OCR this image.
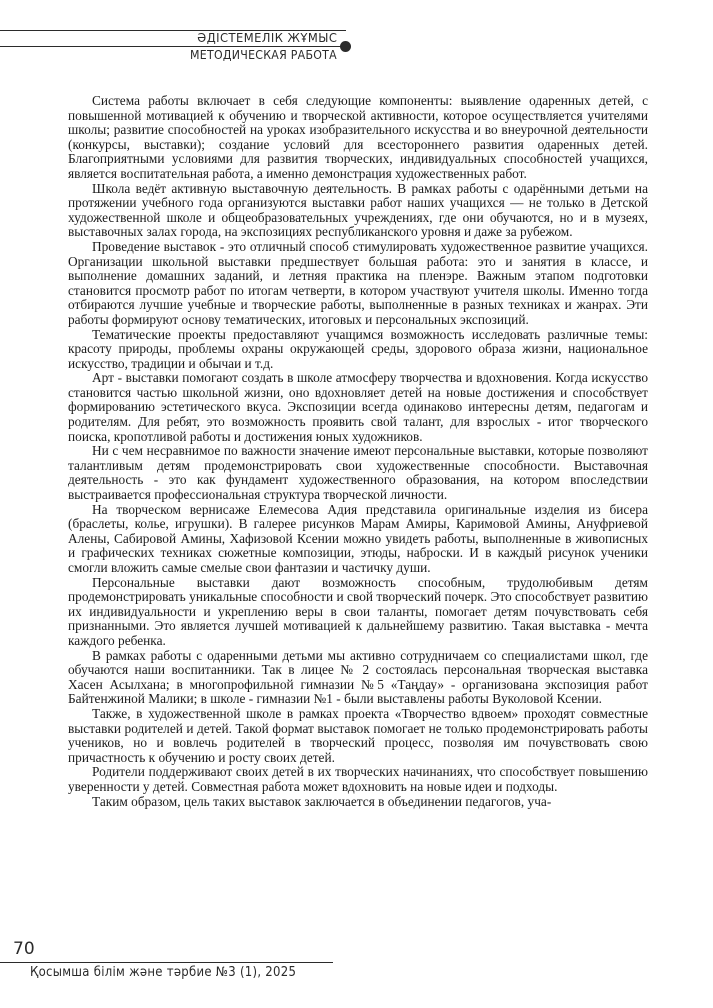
ӘДІСТЕМЕЛІК ЖҰМЫС
МЕТОДИЧЕСКАЯ РАБОТА

Система работы включает в себя следующие компоненты: выявление одаренных детей, с повышенной мотивацией к обучению и творческой активности, которое осуществляется учителями школы; развитие способностей на уроках изобразительного искусства и во внеурочной деятельности (конкурсы, выставки); создание условий для всестороннего развития одаренных детей. Благоприятными условиями для развития творческих, индивидуальных способностей учащихся, является воспитательная работа, а именно демонстрация художественных работ.

Школа ведёт активную выставочную деятельность. В рамках работы с одарёнными детьми на протяжении учебного года организуются выставки работ наших учащихся — не только в Детской художественной школе и общеобразовательных учреждениях, где они обучаются, но и в музеях, выставочных залах города, на экспозициях республиканского уровня и даже за рубежом.

Проведение выставок - это отличный способ стимулировать художественное развитие учащихся. Организации школьной выставки предшествует большая работа: это и занятия в классе, и выполнение домашних заданий, и летняя практика на пленэре. Важным этапом подготовки становится просмотр работ по итогам четверти, в котором участвуют учителя школы. Именно тогда отбираются лучшие учебные и творческие работы, выполненные в разных техниках и жанрах. Эти работы формируют основу тематических, итоговых и персональных экспозиций.

Тематические проекты предоставляют учащимся возможность исследовать различные темы: красоту природы, проблемы охраны окружающей среды, здорового образа жизни, национальное искусство, традиции и обычаи и т.д.

Арт - выставки помогают создать в школе атмосферу творчества и вдохновения. Когда искусство становится частью школьной жизни, оно вдохновляет детей на новые достижения и способствует формированию эстетического вкуса. Экспозиции всегда одинаково интересны детям, педагогам и родителям. Для ребят, это возможность проявить свой талант, для взрослых - итог творческого поиска, кропотливой работы и достижения юных художников.

Ни с чем несравнимое по важности значение имеют персональные выставки, которые позволяют талантливым детям продемонстрировать свои художественные способности. Выставочная деятельность - это как фундамент художественного образования, на котором впоследствии выстраивается профессиональная структура творческой личности.

На творческом вернисаже Елемесова Адия представила оригинальные изделия из бисера (браслеты, колье, игрушки). В галерее рисунков Марам Амиры, Каримовой Амины, Ануфриевой Алены, Сабировой Амины, Хафизовой Ксении можно увидеть работы, выполненные в живописных и графических техниках сюжетные композиции, этюды, наброски. И в каждый рисунок ученики смогли вложить самые смелые свои фантазии и частичку души.

Персональные выставки дают возможность способным, трудолюбивым детям продемонстрировать уникальные способности и свой творческий почерк. Это способствует развитию их индивидуальности и укреплению веры в свои таланты, помогает детям почувствовать себя признанными. Это является лучшей мотивацией к дальнейшему развитию. Такая выставка - мечта каждого ребенка.

В рамках работы с одаренными детьми мы активно сотрудничаем со специалистами школ, где обучаются наши воспитанники. Так в лицее № 2 состоялась персональная творческая выставка Хасен Асылхана; в многопрофильной гимназии №5 «Таңдау» - организована экспозиция работ Байтенжиной Малики; в школе - гимназии №1 - были выставлены работы Вуколовой Ксении.

Также, в художественной школе в рамках проекта «Творчество вдвоем» проходят совместные выставки родителей и детей. Такой формат выставок помогает не только продемонстрировать работы учеников, но и вовлечь родителей в творческий процесс, позволяя им почувствовать свою причастность к обучению и росту своих детей.

Родители поддерживают своих детей в их творческих начинаниях, что способствует повышению уверенности у детей. Совместная работа может вдохновить на новые идеи и подходы.

Таким образом, цель таких выставок заключается в объединении педагогов, уча-

70
Қосымша білім және тәрбие №3 (1), 2025
